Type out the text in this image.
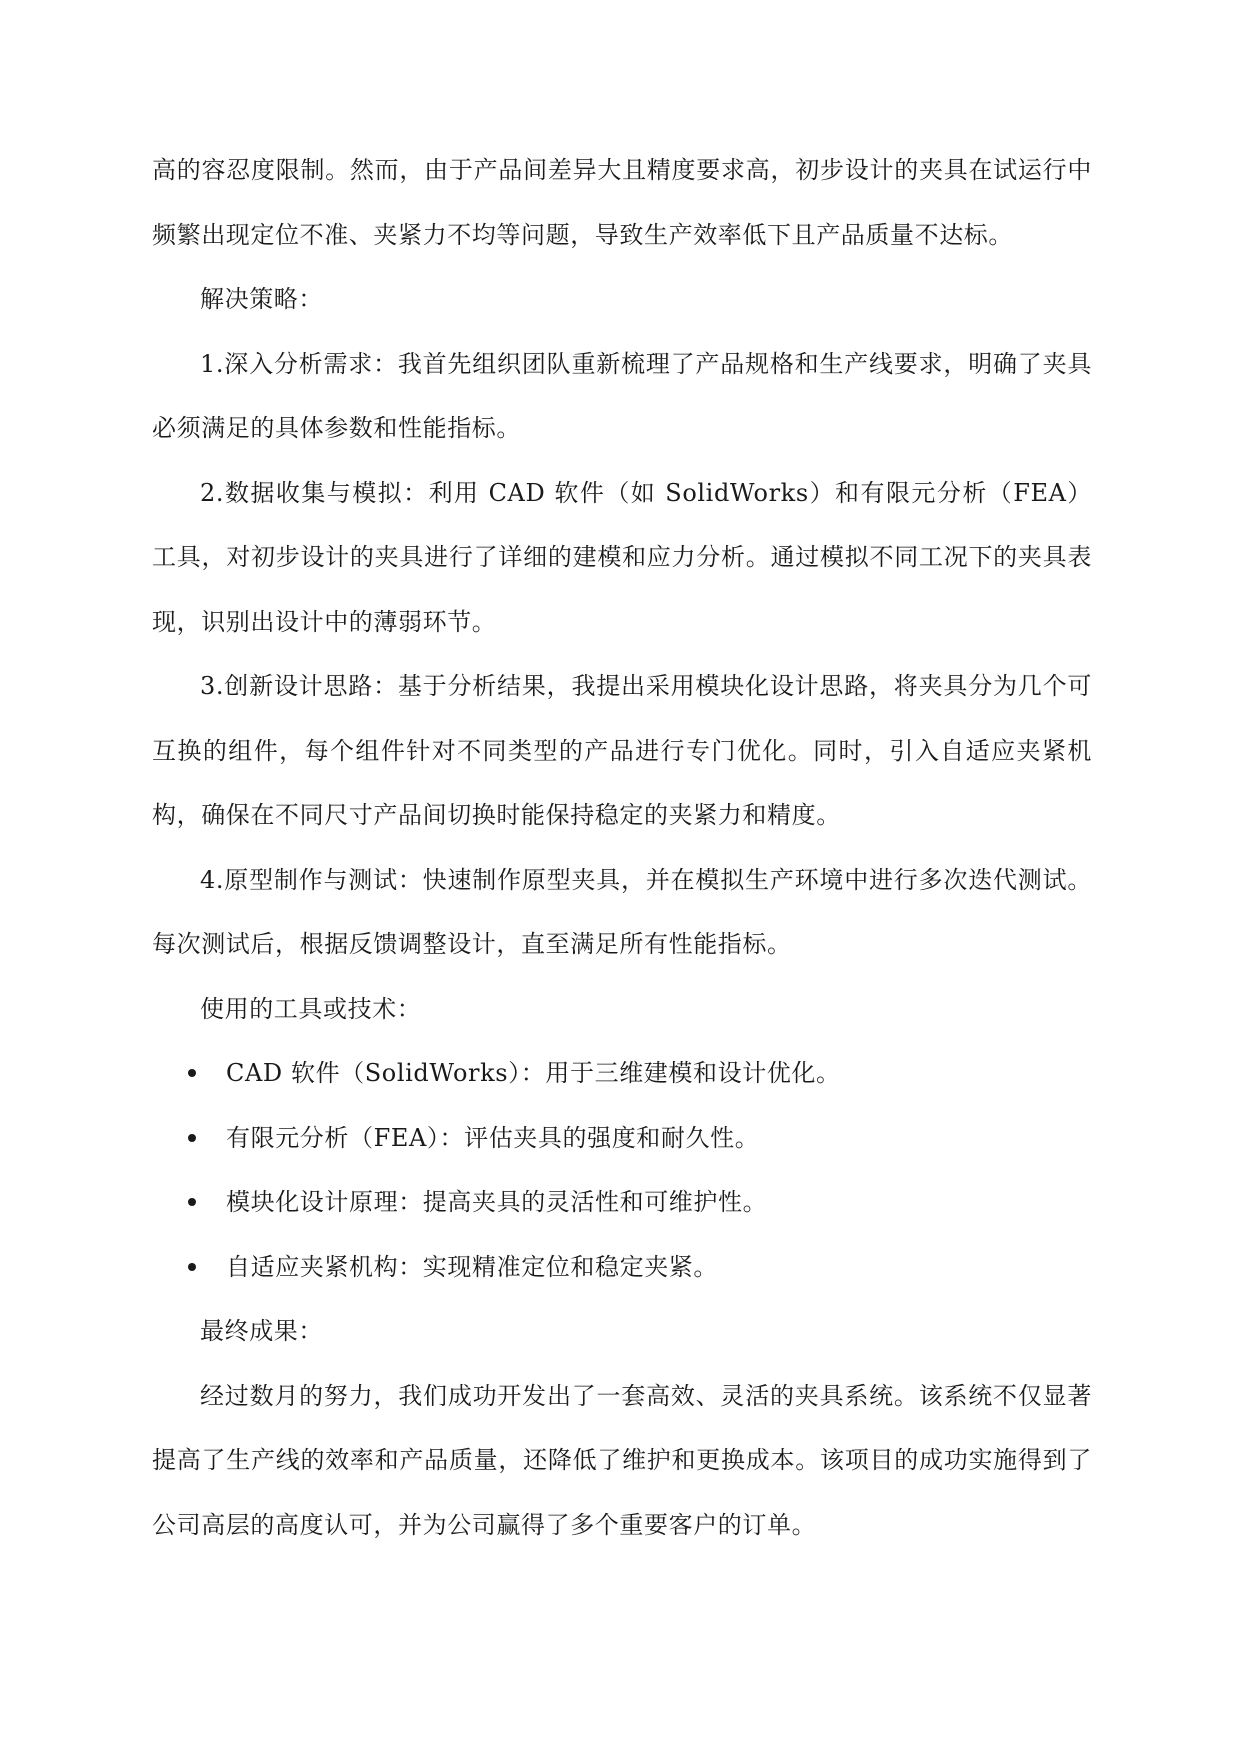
高的容忍度限制。然而，由于产品间差异大且精度要求高，初步设计的夹具在试运行中频繁出现定位不准、夹紧力不均等问题，导致生产效率低下且产品质量不达标。

解决策略：

1.深入分析需求：我首先组织团队重新梳理了产品规格和生产线要求，明确了夹具必须满足的具体参数和性能指标。

2.数据收集与模拟：利用 CAD 软件（如 SolidWorks）和有限元分析（FEA）工具，对初步设计的夹具进行了详细的建模和应力分析。通过模拟不同工况下的夹具表现，识别出设计中的薄弱环节。

3.创新设计思路：基于分析结果，我提出采用模块化设计思路，将夹具分为几个可互换的组件，每个组件针对不同类型的产品进行专门优化。同时，引入自适应夹紧机构，确保在不同尺寸产品间切换时能保持稳定的夹紧力和精度。

4.原型制作与测试：快速制作原型夹具，并在模拟生产环境中进行多次迭代测试。每次测试后，根据反馈调整设计，直至满足所有性能指标。

使用的工具或技术：

CAD 软件（SolidWorks）：用于三维建模和设计优化。
有限元分析（FEA）：评估夹具的强度和耐久性。
模块化设计原理：提高夹具的灵活性和可维护性。
自适应夹紧机构：实现精准定位和稳定夹紧。

最终成果：

经过数月的努力，我们成功开发出了一套高效、灵活的夹具系统。该系统不仅显著提高了生产线的效率和产品质量，还降低了维护和更换成本。该项目的成功实施得到了公司高层的高度认可，并为公司赢得了多个重要客户的订单。
